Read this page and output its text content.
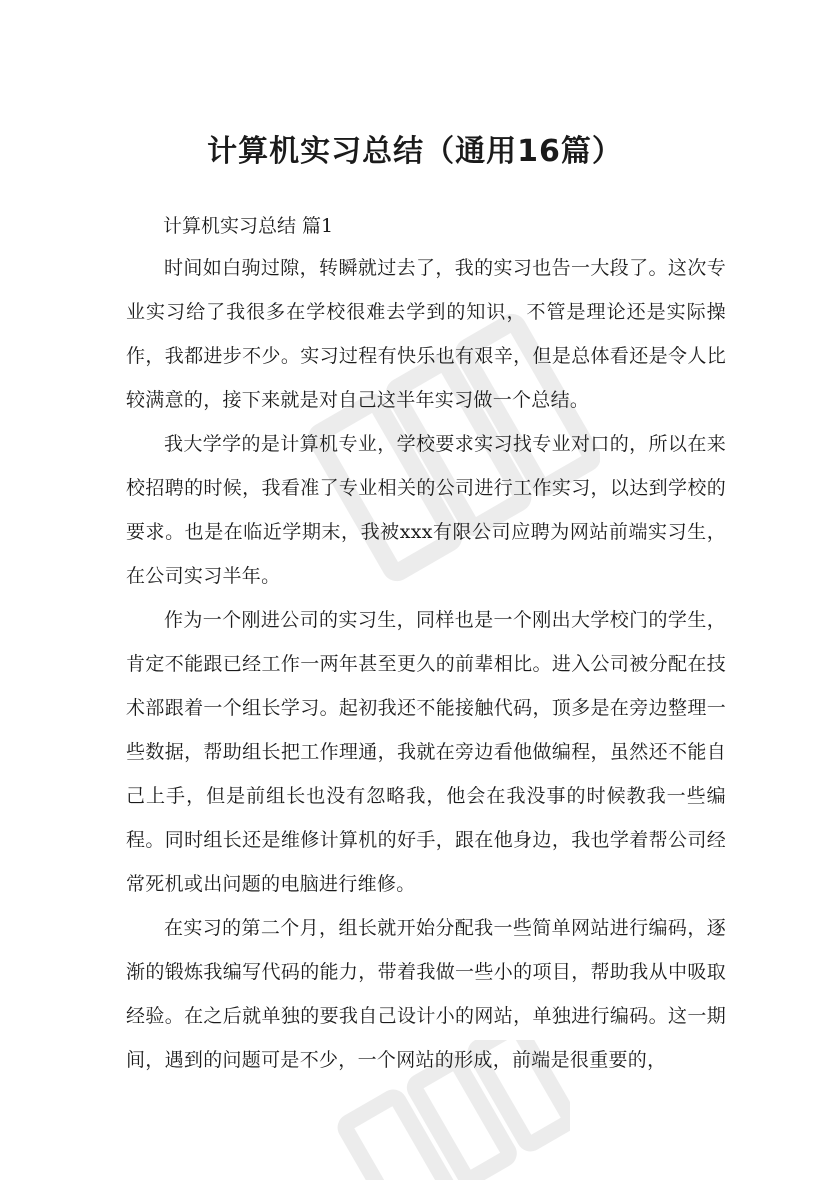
计算机实习总结（通用16篇）
计算机实习总结 篇1

时间如白驹过隙，转瞬就过去了，我的实习也告一大段了。这次专业实习给了我很多在学校很难去学到的知识，不管是理论还是实际操作，我都进步不少。实习过程有快乐也有艰辛，但是总体看还是令人比较满意的，接下来就是对自己这半年实习做一个总结。

我大学学的是计算机专业，学校要求实习找专业对口的，所以在来校招聘的时候，我看准了专业相关的公司进行工作实习，以达到学校的要求。也是在临近学期末，我被xxx有限公司应聘为网站前端实习生，在公司实习半年。

作为一个刚进公司的实习生，同样也是一个刚出大学校门的学生，肯定不能跟已经工作一两年甚至更久的前辈相比。进入公司被分配在技术部跟着一个组长学习。起初我还不能接触代码，顶多是在旁边整理一些数据，帮助组长把工作理通，我就在旁边看他做编程，虽然还不能自己上手，但是前组长也没有忽略我，他会在我没事的时候教我一些编程。同时组长还是维修计算机的好手，跟在他身边，我也学着帮公司经常死机或出问题的电脑进行维修。

在实习的第二个月，组长就开始分配我一些简单网站进行编码，逐渐的锻炼我编写代码的能力，带着我做一些小的项目，帮助我从中吸取经验。在之后就单独的要我自己设计小的网站，单独进行编码。这一期间，遇到的问题可是不少，一个网站的形成，前端是很重要的，
